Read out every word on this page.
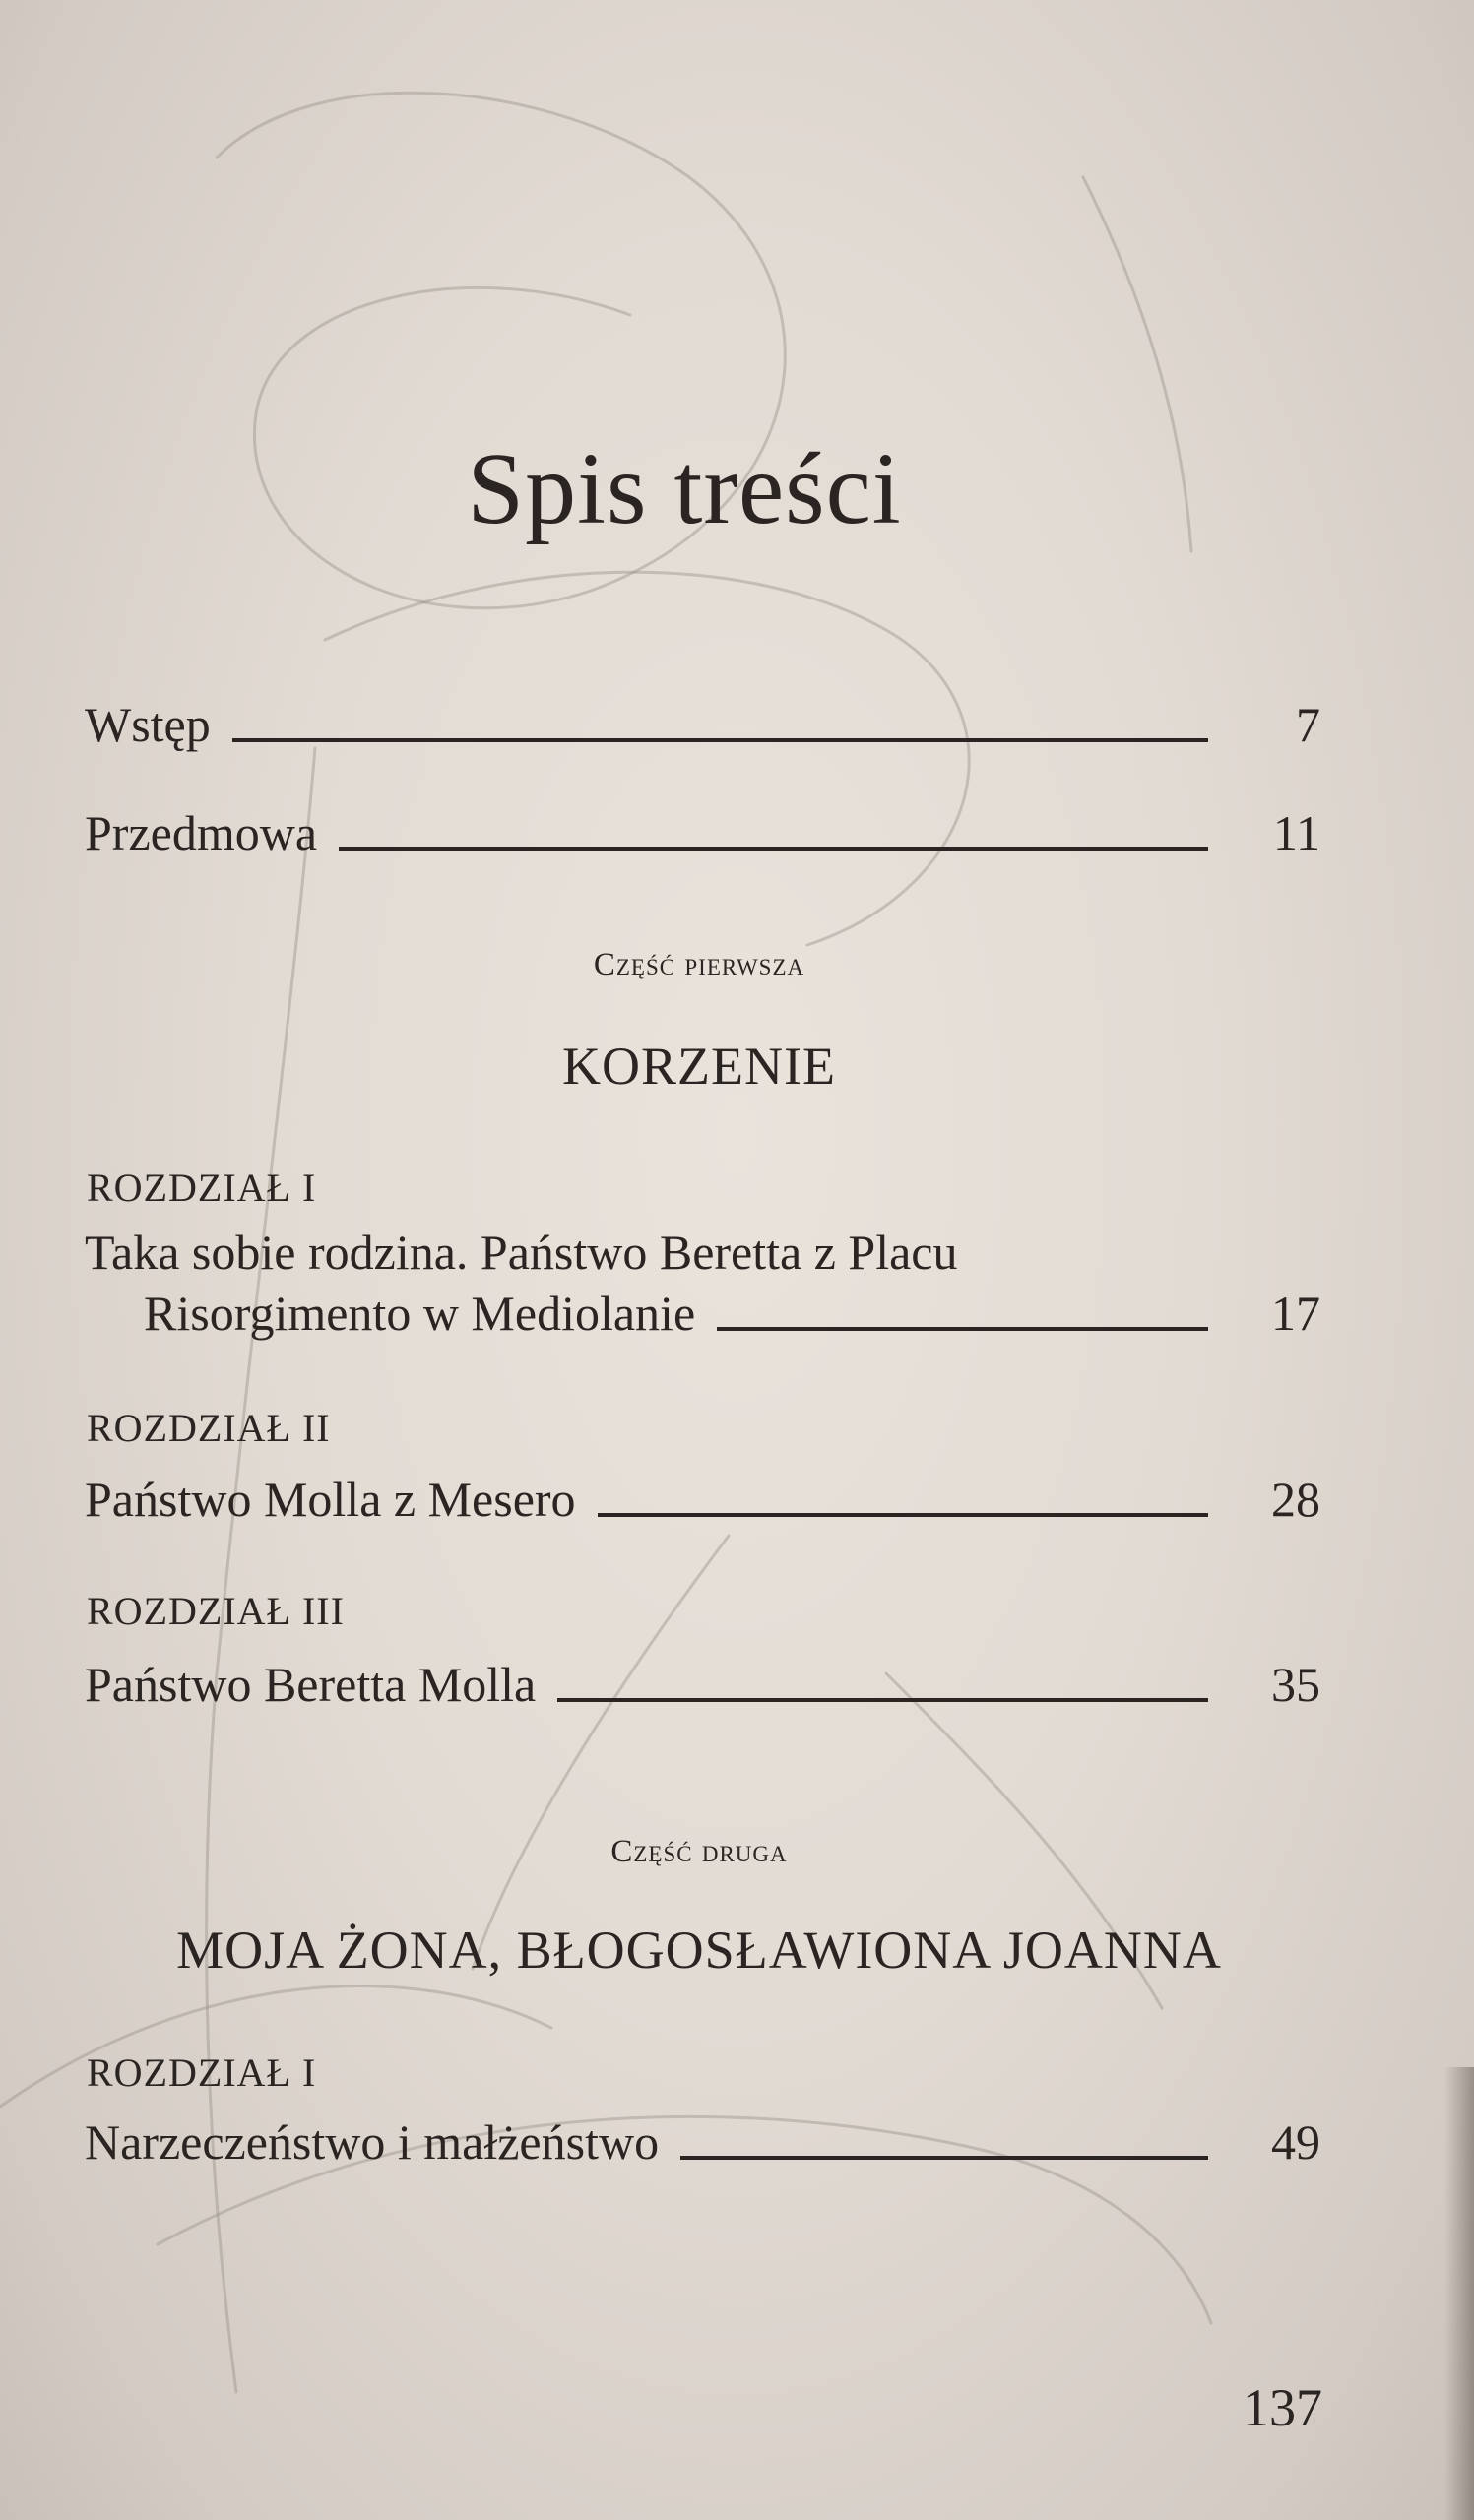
Spis treści
Wstęp	7
Przedmowa	11
Część pierwsza
KORZENIE
ROZDZIAŁ I
Taka sobie rodzina. Państwo Beretta z Placu
Risorgimento w Mediolanie	17
ROZDZIAŁ II
Państwo Molla z Mesero	28
ROZDZIAŁ III
Państwo Beretta Molla	35
Część druga
MOJA ŻONA, BŁOGOSŁAWIONA JOANNA
ROZDZIAŁ I
Narzeczeństwo i małżeństwo	49
137
